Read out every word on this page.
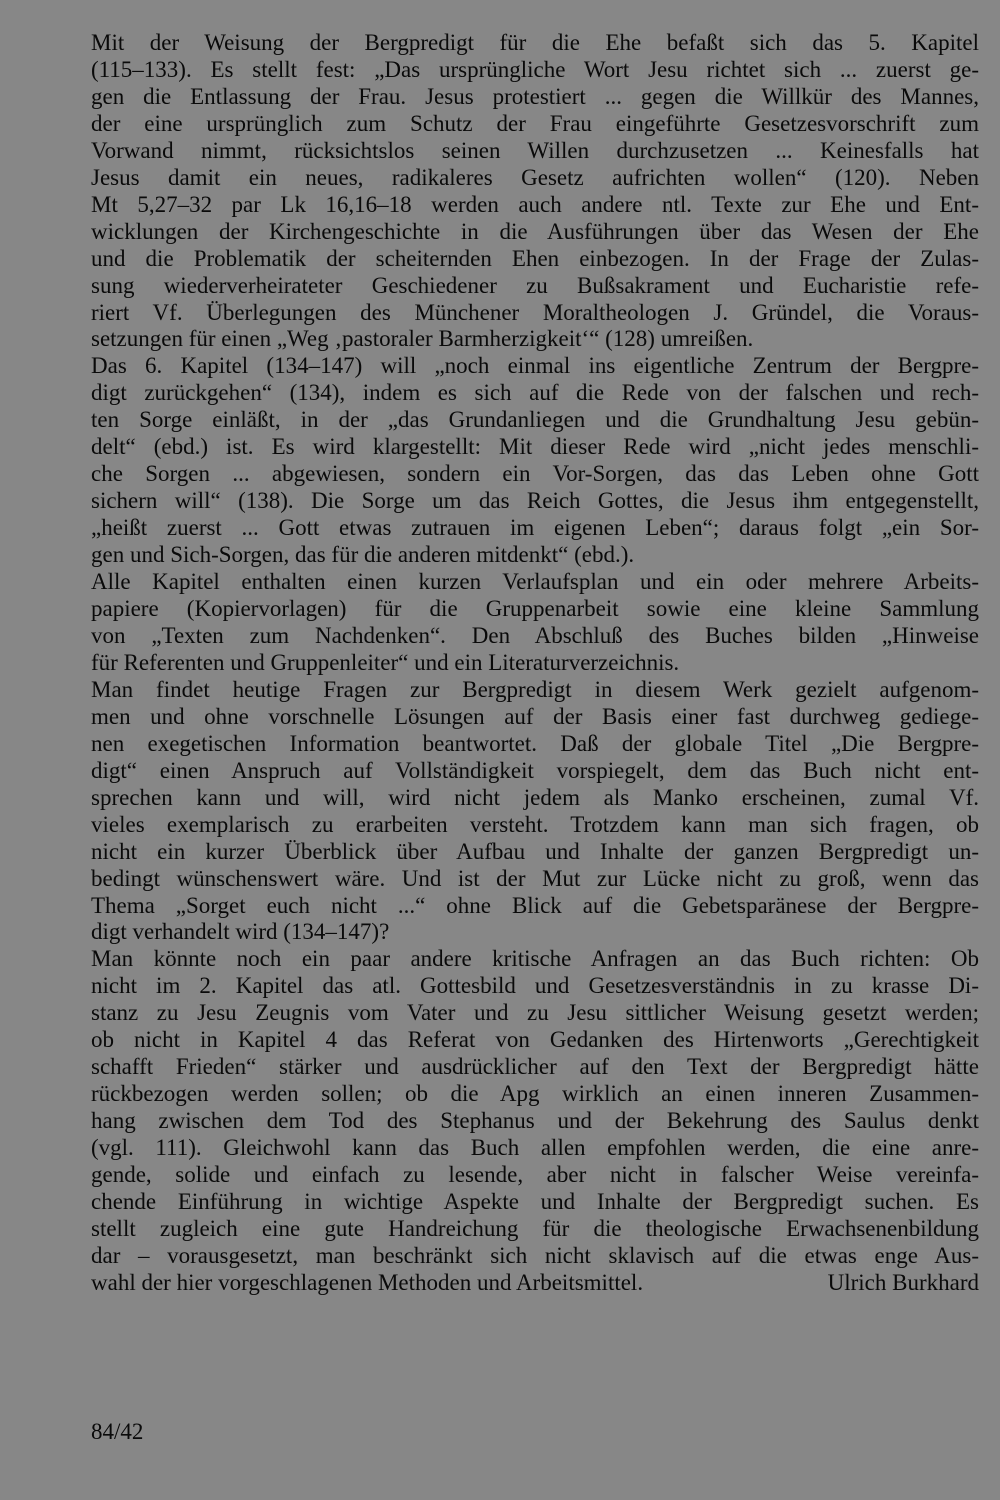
Mit der Weisung der Bergpredigt für die Ehe befaßt sich das 5. Kapitel
(115–133). Es stellt fest: „Das ursprüngliche Wort Jesu richtet sich ... zuerst ge-
gen die Entlassung der Frau. Jesus protestiert ... gegen die Willkür des Mannes,
der eine ursprünglich zum Schutz der Frau eingeführte Gesetzesvorschrift zum
Vorwand nimmt, rücksichtslos seinen Willen durchzusetzen ... Keinesfalls hat
Jesus damit ein neues, radikaleres Gesetz aufrichten wollen“ (120). Neben
Mt 5,27–32 par Lk 16,16–18 werden auch andere ntl. Texte zur Ehe und Ent-
wicklungen der Kirchengeschichte in die Ausführungen über das Wesen der Ehe
und die Problematik der scheiternden Ehen einbezogen. In der Frage der Zulas-
sung wiederverheirateter Geschiedener zu Bußsakrament und Eucharistie refe-
riert Vf. Überlegungen des Münchener Moraltheologen J. Gründel, die Voraus-
setzungen für einen „Weg ‚pastoraler Barmherzigkeit‘“ (128) umreißen.
Das 6. Kapitel (134–147) will „noch einmal ins eigentliche Zentrum der Bergpre-
digt zurückgehen“ (134), indem es sich auf die Rede von der falschen und rech-
ten Sorge einläßt, in der „das Grundanliegen und die Grundhaltung Jesu gebün-
delt“ (ebd.) ist. Es wird klargestellt: Mit dieser Rede wird „nicht jedes menschli-
che Sorgen ... abgewiesen, sondern ein Vor-Sorgen, das das Leben ohne Gott
sichern will“ (138). Die Sorge um das Reich Gottes, die Jesus ihm entgegenstellt,
„heißt zuerst ... Gott etwas zutrauen im eigenen Leben“; daraus folgt „ein Sor-
gen und Sich-Sorgen, das für die anderen mitdenkt“ (ebd.).
Alle Kapitel enthalten einen kurzen Verlaufsplan und ein oder mehrere Arbeits-
papiere (Kopiervorlagen) für die Gruppenarbeit sowie eine kleine Sammlung
von „Texten zum Nachdenken“. Den Abschluß des Buches bilden „Hinweise
für Referenten und Gruppenleiter“ und ein Literaturverzeichnis.
Man findet heutige Fragen zur Bergpredigt in diesem Werk gezielt aufgenom-
men und ohne vorschnelle Lösungen auf der Basis einer fast durchweg gediege-
nen exegetischen Information beantwortet. Daß der globale Titel „Die Bergpre-
digt“ einen Anspruch auf Vollständigkeit vorspiegelt, dem das Buch nicht ent-
sprechen kann und will, wird nicht jedem als Manko erscheinen, zumal Vf.
vieles exemplarisch zu erarbeiten versteht. Trotzdem kann man sich fragen, ob
nicht ein kurzer Überblick über Aufbau und Inhalte der ganzen Bergpredigt un-
bedingt wünschenswert wäre. Und ist der Mut zur Lücke nicht zu groß, wenn das
Thema „Sorget euch nicht ...“ ohne Blick auf die Gebetsparänese der Bergpre-
digt verhandelt wird (134–147)?
Man könnte noch ein paar andere kritische Anfragen an das Buch richten: Ob
nicht im 2. Kapitel das atl. Gottesbild und Gesetzesverständnis in zu krasse Di-
stanz zu Jesu Zeugnis vom Vater und zu Jesu sittlicher Weisung gesetzt werden;
ob nicht in Kapitel 4 das Referat von Gedanken des Hirtenworts „Gerechtigkeit
schafft Frieden“ stärker und ausdrücklicher auf den Text der Bergpredigt hätte
rückbezogen werden sollen; ob die Apg wirklich an einen inneren Zusammen-
hang zwischen dem Tod des Stephanus und der Bekehrung des Saulus denkt
(vgl. 111). Gleichwohl kann das Buch allen empfohlen werden, die eine anre-
gende, solide und einfach zu lesende, aber nicht in falscher Weise vereinfa-
chende Einführung in wichtige Aspekte und Inhalte der Bergpredigt suchen. Es
stellt zugleich eine gute Handreichung für die theologische Erwachsenenbildung
dar – vorausgesetzt, man beschränkt sich nicht sklavisch auf die etwas enge Aus-
wahl der hier vorgeschlagenen Methoden und Arbeitsmittel.	Ulrich Burkhard
84/42
